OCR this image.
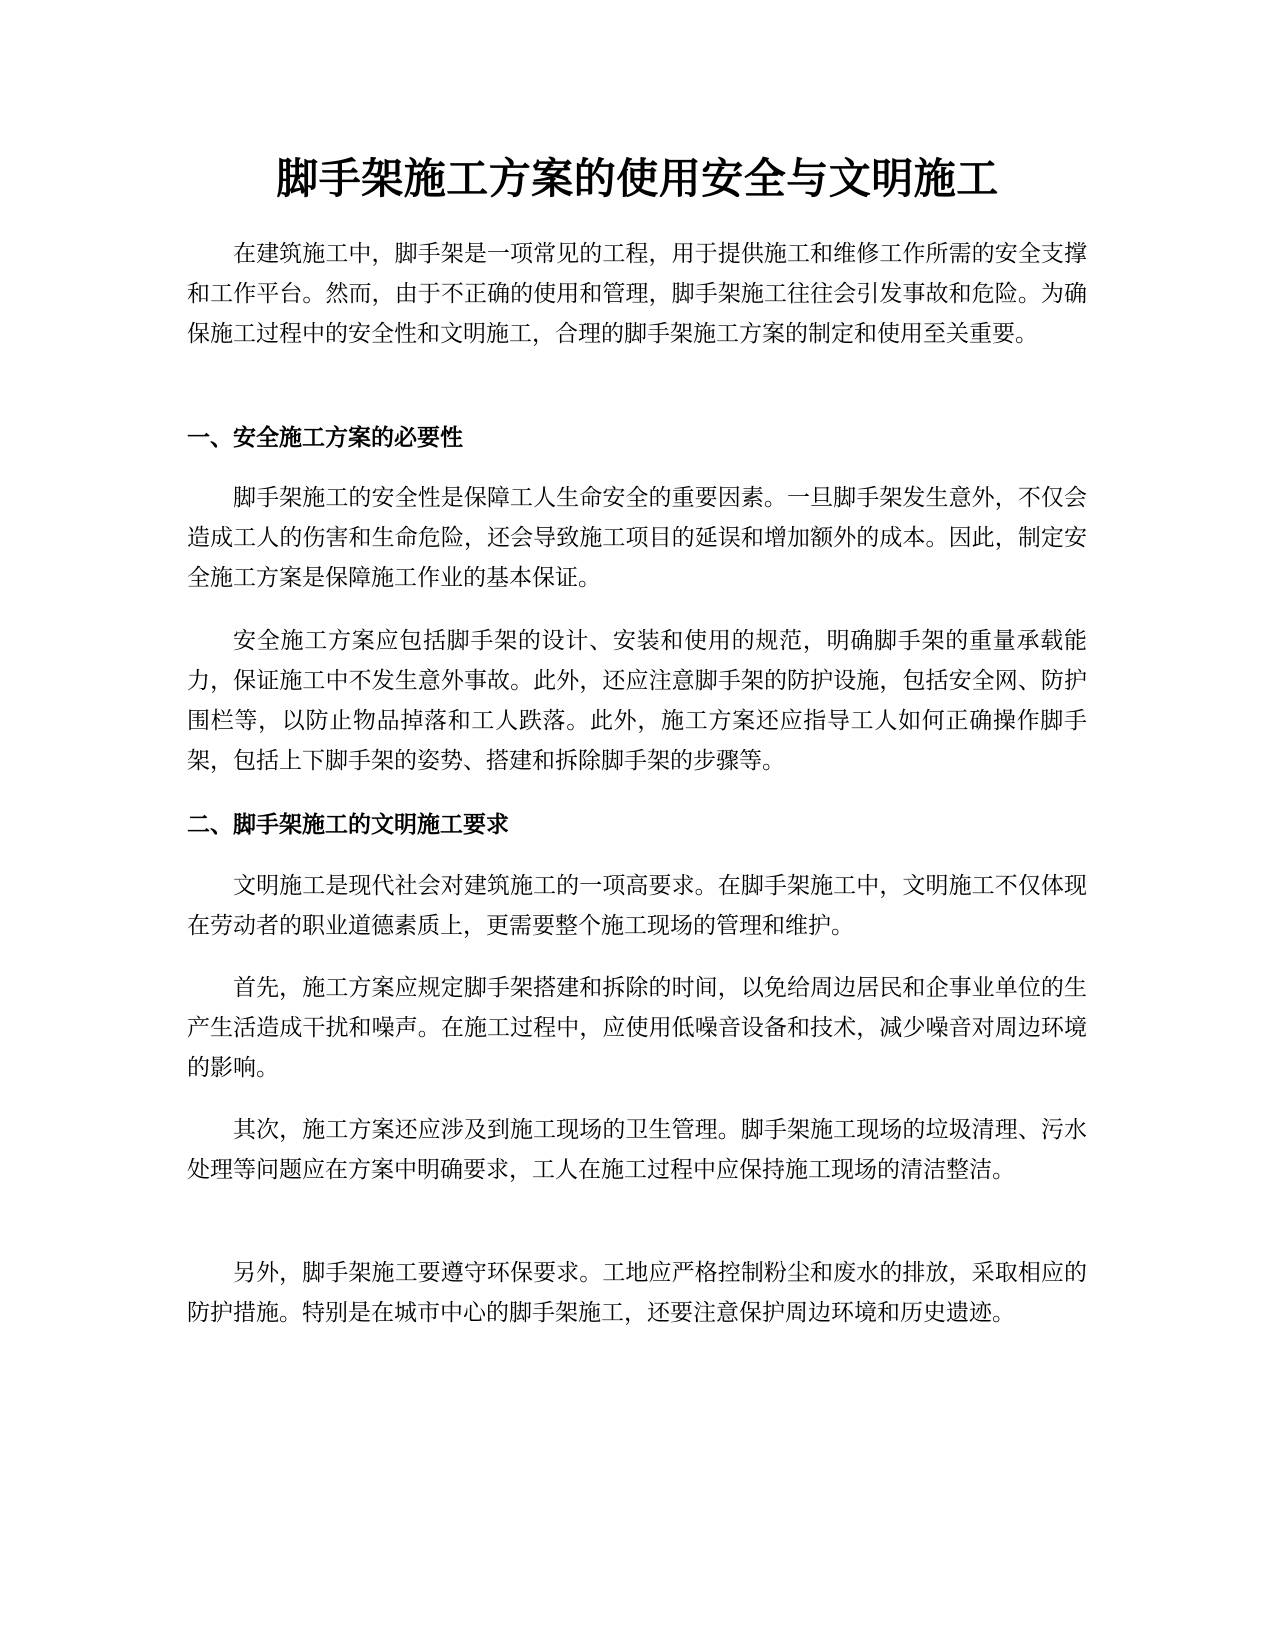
脚手架施工方案的使用安全与文明施工

在建筑施工中，脚手架是一项常见的工程，用于提供施工和维修工作所需的安全支撑和工作平台。然而，由于不正确的使用和管理，脚手架施工往往会引发事故和危险。为确保施工过程中的安全性和文明施工，合理的脚手架施工方案的制定和使用至关重要。

一、安全施工方案的必要性

脚手架施工的安全性是保障工人生命安全的重要因素。一旦脚手架发生意外，不仅会造成工人的伤害和生命危险，还会导致施工项目的延误和增加额外的成本。因此，制定安全施工方案是保障施工作业的基本保证。

安全施工方案应包括脚手架的设计、安装和使用的规范，明确脚手架的重量承载能力，保证施工中不发生意外事故。此外，还应注意脚手架的防护设施，包括安全网、防护围栏等，以防止物品掉落和工人跌落。此外，施工方案还应指导工人如何正确操作脚手架，包括上下脚手架的姿势、搭建和拆除脚手架的步骤等。

二、脚手架施工的文明施工要求

文明施工是现代社会对建筑施工的一项高要求。在脚手架施工中，文明施工不仅体现在劳动者的职业道德素质上，更需要整个施工现场的管理和维护。

首先，施工方案应规定脚手架搭建和拆除的时间，以免给周边居民和企事业单位的生产生活造成干扰和噪声。在施工过程中，应使用低噪音设备和技术，减少噪音对周边环境的影响。

其次，施工方案还应涉及到施工现场的卫生管理。脚手架施工现场的垃圾清理、污水处理等问题应在方案中明确要求，工人在施工过程中应保持施工现场的清洁整洁。

另外，脚手架施工要遵守环保要求。工地应严格控制粉尘和废水的排放，采取相应的防护措施。特别是在城市中心的脚手架施工，还要注意保护周边环境和历史遗迹。
